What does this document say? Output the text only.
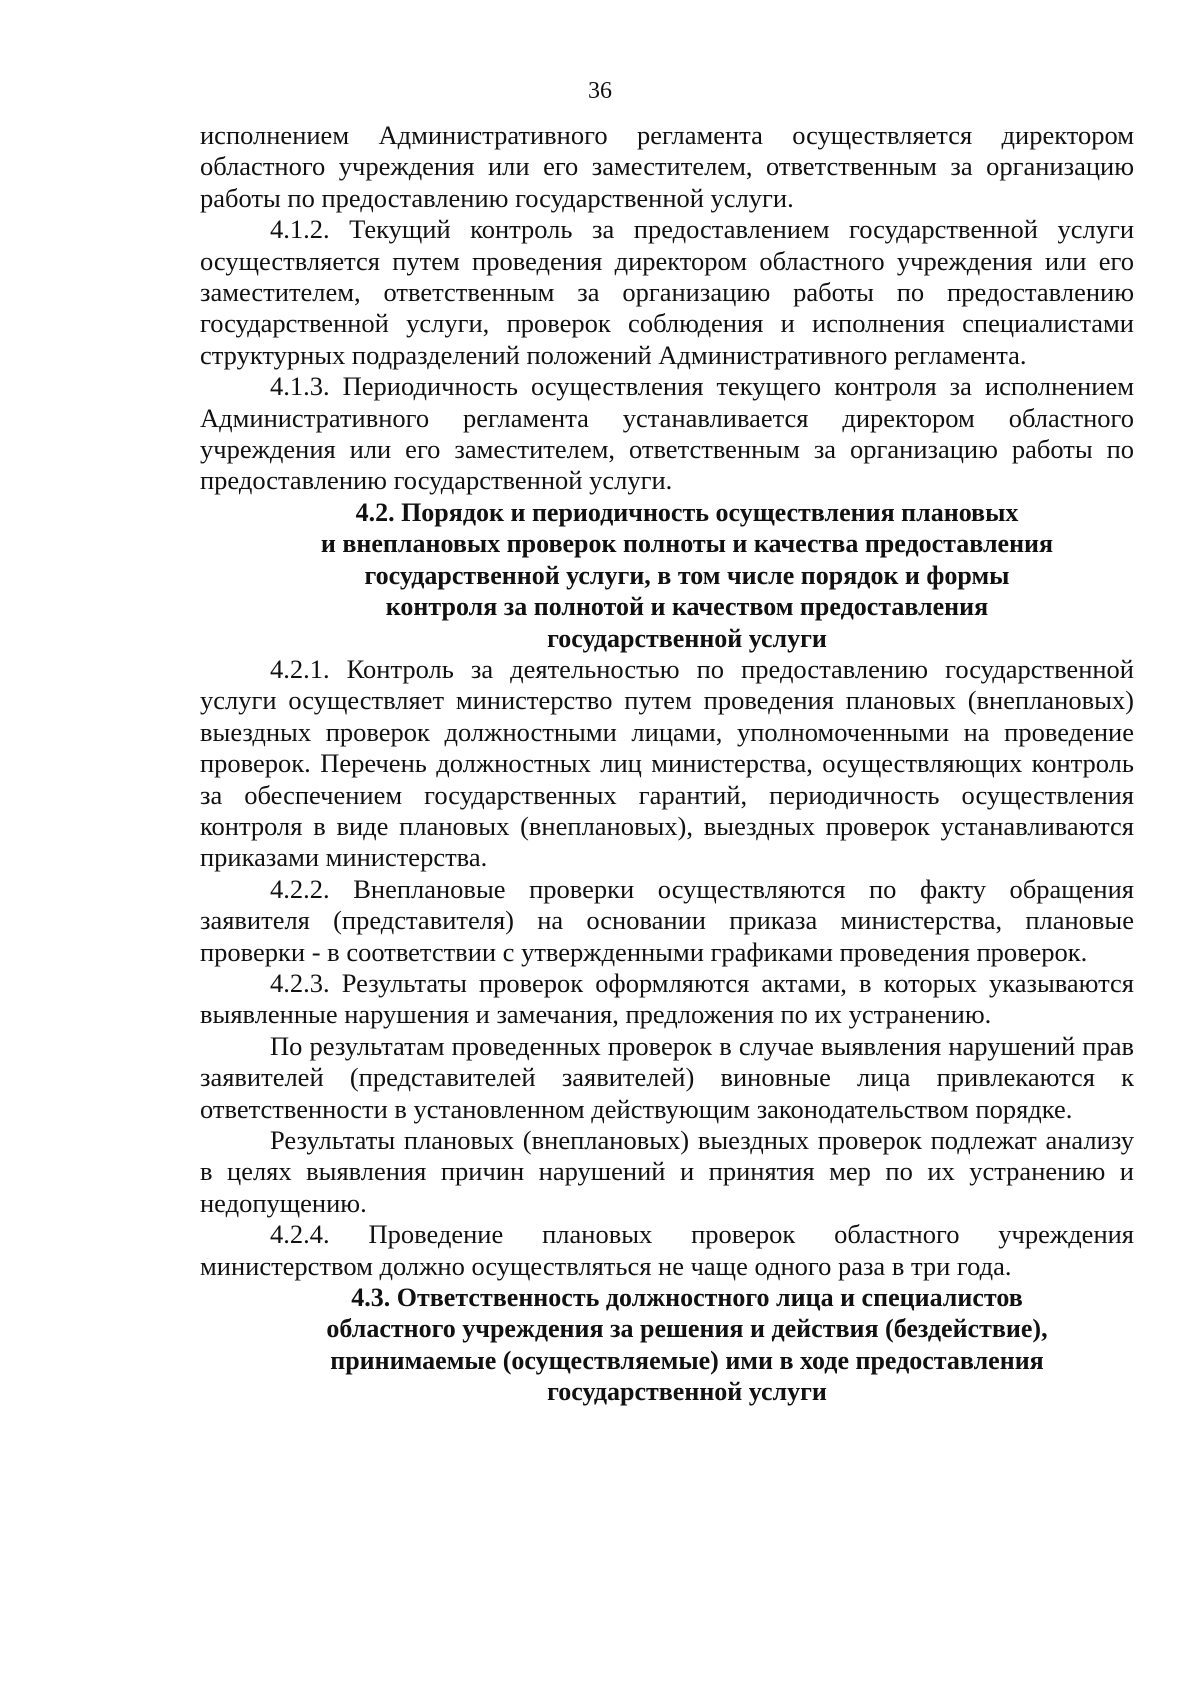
36

исполнением Административного регламента осуществляется директором областного учреждения или его заместителем, ответственным за организацию работы по предоставлению государственной услуги.

4.1.2. Текущий контроль за предоставлением государственной услуги осуществляется путем проведения директором областного учреждения или его заместителем, ответственным за организацию работы по предоставлению государственной услуги, проверок соблюдения и исполнения специалистами структурных подразделений положений Административного регламента.

4.1.3. Периодичность осуществления текущего контроля за исполнением Административного регламента устанавливается директором областного учреждения или его заместителем, ответственным за организацию работы по предоставлению государственной услуги.

4.2. Порядок и периодичность осуществления плановых
и внеплановых проверок полноты и качества предоставления
государственной услуги, в том числе порядок и формы
контроля за полнотой и качеством предоставления
государственной услуги

4.2.1. Контроль за деятельностью по предоставлению государственной услуги осуществляет министерство путем проведения плановых (внеплановых) выездных проверок должностными лицами, уполномоченными на проведение проверок. Перечень должностных лиц министерства, осуществляющих контроль за обеспечением государственных гарантий, периодичность осуществления контроля в виде плановых (внеплановых), выездных проверок устанавливаются приказами министерства.

4.2.2. Внеплановые проверки осуществляются по факту обращения заявителя (представителя) на основании приказа министерства, плановые проверки - в соответствии с утвержденными графиками проведения проверок.

4.2.3. Результаты проверок оформляются актами, в которых указываются выявленные нарушения и замечания, предложения по их устранению.

По результатам проведенных проверок в случае выявления нарушений прав заявителей (представителей заявителей) виновные лица привлекаются к ответственности в установленном действующим законодательством порядке.

Результаты плановых (внеплановых) выездных проверок подлежат анализу в целях выявления причин нарушений и принятия мер по их устранению и недопущению.

4.2.4. Проведение плановых проверок областного учреждения министерством должно осуществляться не чаще одного раза в три года.

4.3. Ответственность должностного лица и специалистов
областного учреждения за решения и действия (бездействие),
принимаемые (осуществляемые) ими в ходе предоставления
государственной услуги
